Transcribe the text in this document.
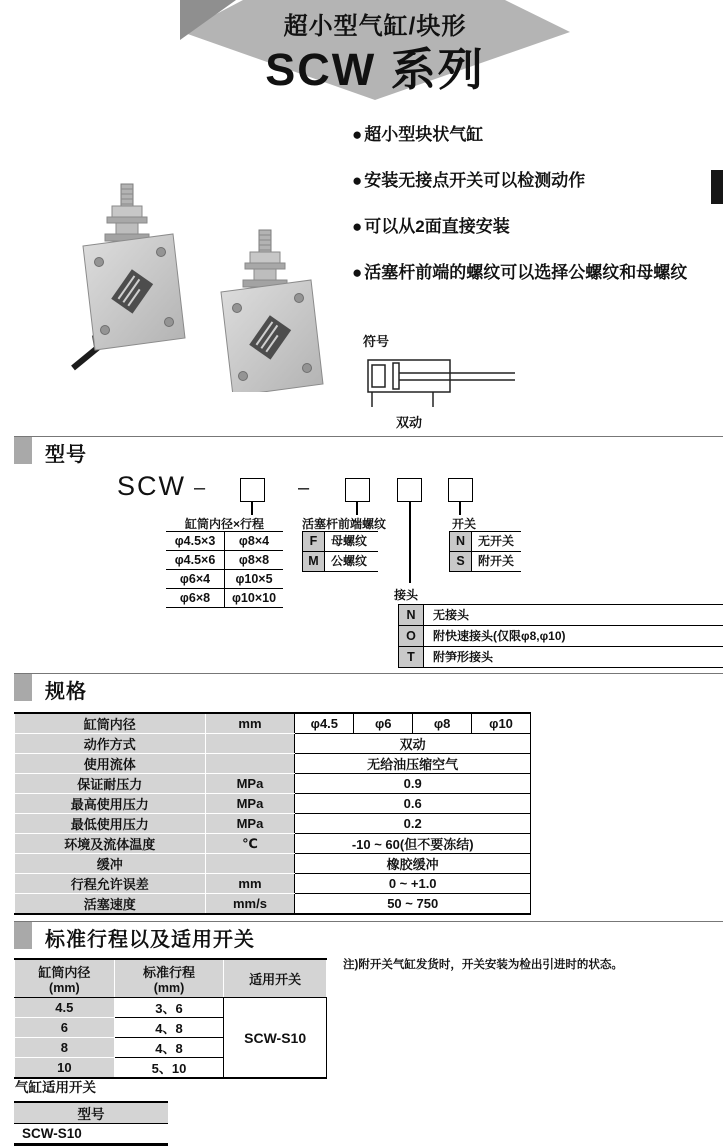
超小型气缸/块形
SCW 系列
● 超小型块状气缸
● 安装无接点开关可以检测动作
● 可以从2面直接安装
● 活塞杆前端的螺纹可以选择公螺纹和母螺纹
符号
双动
型号
SCW –	–
缸筒内径×行程
φ4.5×3	φ8×4
φ4.5×6	φ8×8
φ6×4	φ10×5
φ6×8	φ10×10
活塞杆前端螺纹
F	母螺纹
M	公螺纹
开关
N	无开关
S	附开关
接头
N	无接头
O	附快速接头(仅限φ8,φ10)
T	附笋形接头
规格
缸筒内径	mm	φ4.5	φ6	φ8	φ10
动作方式		双动			
使用流体		无给油压缩空气			
保证耐压力	MPa	0.9			
最高使用压力	MPa	0.6			
最低使用压力	MPa	0.2			
环境及流体温度	℃	-10 ~ 60(但不要冻结)			
缓冲		橡胶缓冲			
行程允许误差	mm	0 ~ +1.0			
活塞速度	mm/s	50 ~ 750			
标准行程以及适用开关
缸筒内径
(mm)

标准行程
(mm)

适用开关

4.5	3、6	SCW-S10
6	4、8	
8	4、8	
10	5、10	
注)附开关气缸发货时，开关安装为检出引进时的状态。
气缸适用开关
型号
SCW-S10
